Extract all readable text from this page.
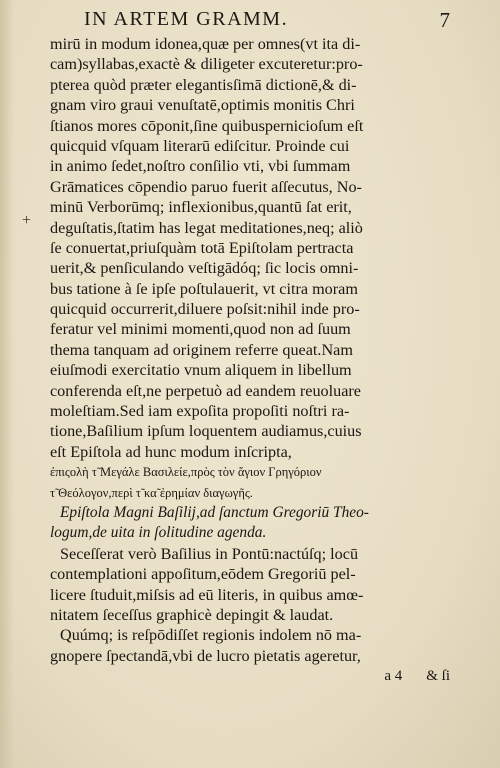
IN ARTEM GRAMM.	7
+
mirū in modum idonea,quæ per omnes(vt ita di-
cam)syllabas,exactè & diligeter excuteretur:pro-
pterea quòd præter elegantisſimā dictionē,& di-
gnam viro graui venuſtatē,optimis monitis Chri
ſtianos mores cōponit,ſine quibuspernicioſum eſt
quicquid vſquam literarū ediſcitur. Proinde cui
in animo ſedet,noſtro conſilio vti, vbi ſummam
Grāmatices cōpendio paruo fuerit aſſecutus, No-
minū Verborūmq; inflexionibus,quantū ſat erit,
deguſtatis,ſtatim has legat meditationes,neq; aliò
ſe conuertat,priuſquàm totā Epiſtolam pertracta
uerit,& penſiculando veſtigādóq; ſic locis omni-
bus tatione à ſe ipſe poſtulauerit, vt citra moram
quicquid occurrerit,diluere poſsit:nihil inde pro-
feratur vel minimi momenti,quod non ad ſuum
thema tanquam ad originem referre queat.Nam
eiuſmodi exercitatio vnum aliquem in libellum
conferenda eſt,ne perpetuò ad eandem reuoluare
moleſtiam.Sed iam expoſita propoſiti noſtri ra-
tione,Baſilium ipſum loquentem audiamus,cuius
eſt Epiſtola ad hunc modum inſcripta,
ἐπιςολὴ τ̃ Μεγάλε Βασιλείε,πρὸς τὸν ἅγιον Γρηγόριον
τ̃ Θεόλογον,περὶ τ̃ κα̃ ἐρημίαν διαγωγῆς.
Epiſtola Magni Baſilij,ad ſanctum Gregoriū Theo-
logum,de uita in ſolitudine agenda.
Seceſſerat verò Baſilius in Pontū:nactúſq; locū
contemplationi appoſitum,eōdem Gregoriū pel-
licere ſtuduit,miſsis ad eū literis, in quibus amœ-
nitatem ſeceſſus graphicè depingit & laudat.
Quúmq; is reſpōdiſſet regionis indolem nō ma-
gnopere ſpectandā,vbi de lucro pietatis ageretur,
a 4 & ſi
